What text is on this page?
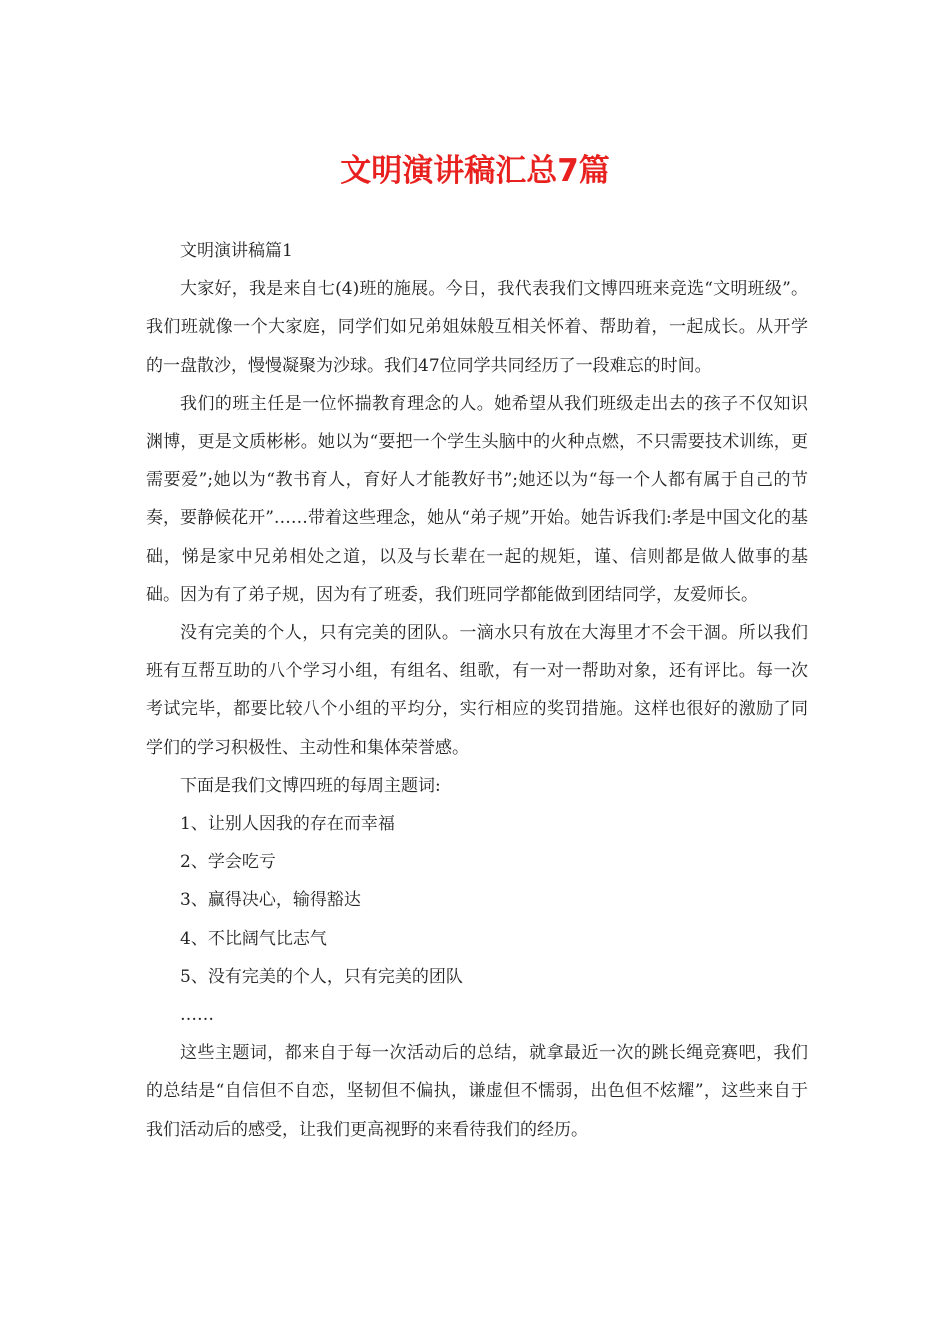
文明演讲稿汇总7篇

文明演讲稿篇1

大家好，我是来自七(4)班的施展。今日，我代表我们文博四班来竞选“文明班级”。我们班就像一个大家庭，同学们如兄弟姐妹般互相关怀着、帮助着，一起成长。从开学的一盘散沙，慢慢凝聚为沙球。我们47位同学共同经历了一段难忘的时间。

我们的班主任是一位怀揣教育理念的人。她希望从我们班级走出去的孩子不仅知识渊博，更是文质彬彬。她以为“要把一个学生头脑中的火种点燃，不只需要技术训练，更需要爱”;她以为“教书育人，育好人才能教好书”;她还以为“每一个人都有属于自己的节奏，要静候花开”……带着这些理念，她从“弟子规”开始。她告诉我们:孝是中国文化的基础，悌是家中兄弟相处之道，以及与长辈在一起的规矩，谨、信则都是做人做事的基础。因为有了弟子规，因为有了班委，我们班同学都能做到团结同学，友爱师长。

没有完美的个人，只有完美的团队。一滴水只有放在大海里才不会干涸。所以我们班有互帮互助的八个学习小组，有组名、组歌，有一对一帮助对象，还有评比。每一次考试完毕，都要比较八个小组的平均分，实行相应的奖罚措施。这样也很好的激励了同学们的学习积极性、主动性和集体荣誉感。

下面是我们文博四班的每周主题词:

1、让别人因我的存在而幸福

2、学会吃亏

3、赢得决心，输得豁达

4、不比阔气比志气

5、没有完美的个人，只有完美的团队

……

这些主题词，都来自于每一次活动后的总结，就拿最近一次的跳长绳竞赛吧，我们的总结是“自信但不自恋，坚韧但不偏执，谦虚但不懦弱，出色但不炫耀”，这些来自于我们活动后的感受，让我们更高视野的来看待我们的经历。
